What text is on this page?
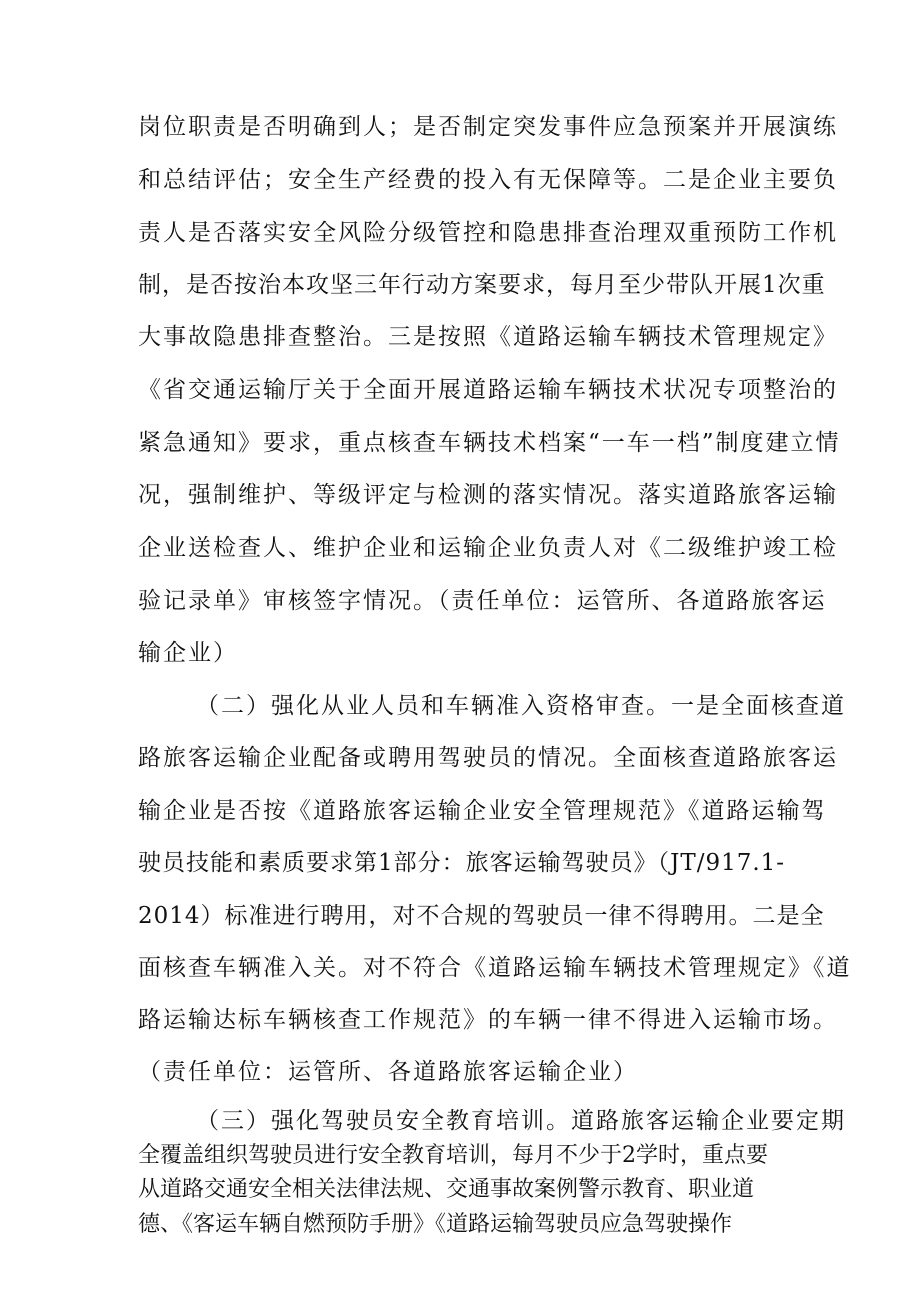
岗位职责是否明确到人；是否制定突发事件应急预案并开展演练
和总结评估；安全生产经费的投入有无保障等。二是企业主要负
责人是否落实安全风险分级管控和隐患排查治理双重预防工作机
制，是否按治本攻坚三年行动方案要求，每月至少带队开展1次重
大事故隐患排查整治。三是按照《道路运输车辆技术管理规定》
《省交通运输厅关于全面开展道路运输车辆技术状况专项整治的
紧急通知》要求，重点核查车辆技术档案“一车一档”制度建立情
况，强制维护、等级评定与检测的落实情况。落实道路旅客运输
企业送检查人、维护企业和运输企业负责人对《二级维护竣工检
验记录单》审核签字情况。（责任单位：运管所、各道路旅客运
输企业）
（二）强化从业人员和车辆准入资格审查。一是全面核查道
路旅客运输企业配备或聘用驾驶员的情况。全面核查道路旅客运
输企业是否按《道路旅客运输企业安全管理规范》《道路运输驾
驶员技能和素质要求第1部分：旅客运输驾驶员》（JT/917.1-
2014）标准进行聘用，对不合规的驾驶员一律不得聘用。二是全
面核查车辆准入关。对不符合《道路运输车辆技术管理规定》《道
路运输达标车辆核查工作规范》的车辆一律不得进入运输市场。
（责任单位：运管所、各道路旅客运输企业）
（三）强化驾驶员安全教育培训。道路旅客运输企业要定期
全覆盖组织驾驶员进行安全教育培训，每月不少于2学时，重点要
从道路交通安全相关法律法规、交通事故案例警示教育、职业道
德、《客运车辆自燃预防手册》《道路运输驾驶员应急驾驶操作
